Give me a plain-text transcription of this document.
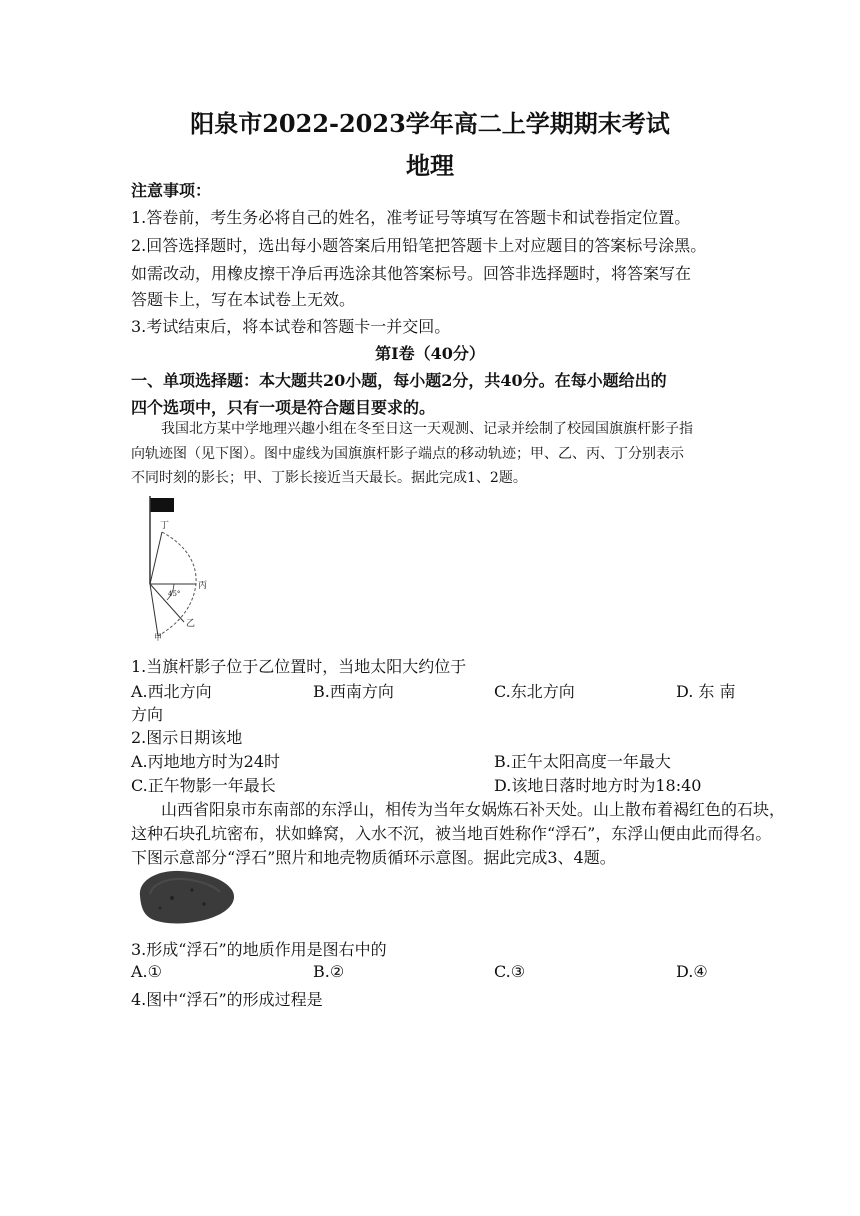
阳泉市2022-2023学年高二上学期期末考试
地理
注意事项：
1.答卷前，考生务必将自己的姓名，准考证号等填写在答题卡和试卷指定位置。
2.回答选择题时，选出每小题答案后用铅笔把答题卡上对应题目的答案标号涂黑。
如需改动，用橡皮擦干净后再选涂其他答案标号。回答非选择题时，将答案写在
答题卡上，写在本试卷上无效。
3.考试结束后，将本试卷和答题卡一并交回。
第Ⅰ卷（40分）
一、单项选择题：本大题共20小题，每小题2分，共40分。在每小题给出的
四个选项中，只有一项是符合题目要求的。
我国北方某中学地理兴趣小组在冬至日这一天观测、记录并绘制了校园国旗旗杆影子指
向轨迹图（见下图）。图中虚线为国旗旗杆影子端点的移动轨迹；甲、乙、丙、丁分别表示
不同时刻的影长；甲、丁影长接近当天最长。据此完成1、2题。
丁
丙
乙
甲
45°
1.当旗杆影子位于乙位置时，当地太阳大约位于
A.西北方向	B.西南方向	C.东北方向	D. 东 南
方向
2.图示日期该地
A.丙地地方时为24时	B.正午太阳高度一年最大
C.正午物影一年最长	D.该地日落时地方时为18:40
山西省阳泉市东南部的东浮山，相传为当年女娲炼石补天处。山上散布着褐红色的石块，
这种石块孔坑密布，状如蜂窝，入水不沉，被当地百姓称作“浮石”，东浮山便由此而得名。
下图示意部分“浮石”照片和地壳物质循环示意图。据此完成3、4题。
3.形成“浮石”的地质作用是图右中的
A.①	B.②	C.③	D.④
4.图中“浮石”的形成过程是
